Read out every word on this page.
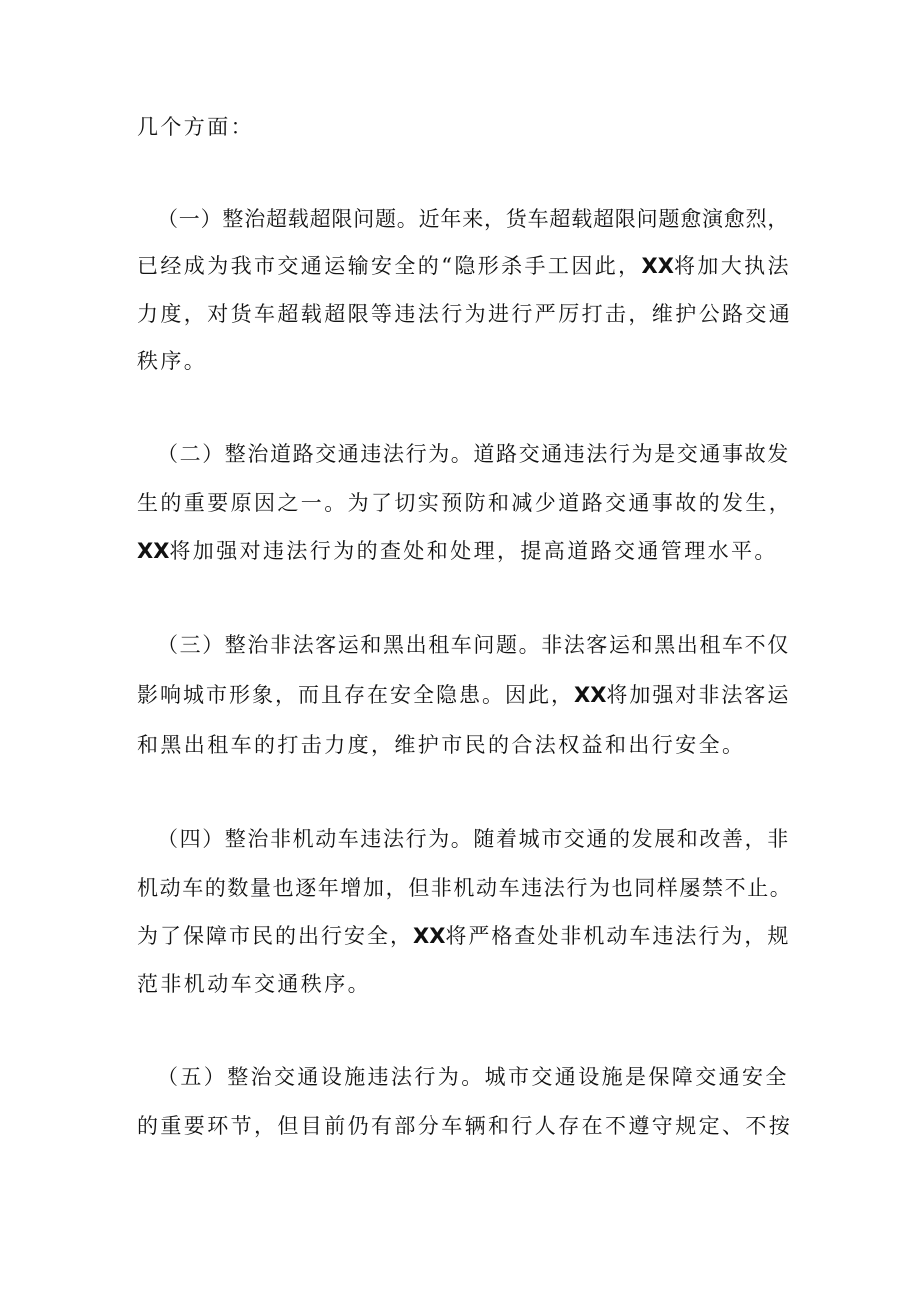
几个方面：
（一）整治超载超限问题。近年来，货车超载超限问题愈演愈烈，
已经成为我市交通运输安全的“隐形杀手工因此，XX将加大执法
力度，对货车超载超限等违法行为进行严厉打击，维护公路交通
秩序。
（二）整治道路交通违法行为。道路交通违法行为是交通事故发
生的重要原因之一。为了切实预防和减少道路交通事故的发生，
XX将加强对违法行为的查处和处理，提高道路交通管理水平。
（三）整治非法客运和黑出租车问题。非法客运和黑出租车不仅
影响城市形象，而且存在安全隐患。因此，XX将加强对非法客运
和黑出租车的打击力度，维护市民的合法权益和出行安全。
（四）整治非机动车违法行为。随着城市交通的发展和改善，非
机动车的数量也逐年增加，但非机动车违法行为也同样屡禁不止。
为了保障市民的出行安全，XX将严格查处非机动车违法行为，规
范非机动车交通秩序。
（五）整治交通设施违法行为。城市交通设施是保障交通安全
的重要环节，但目前仍有部分车辆和行人存在不遵守规定、不按
